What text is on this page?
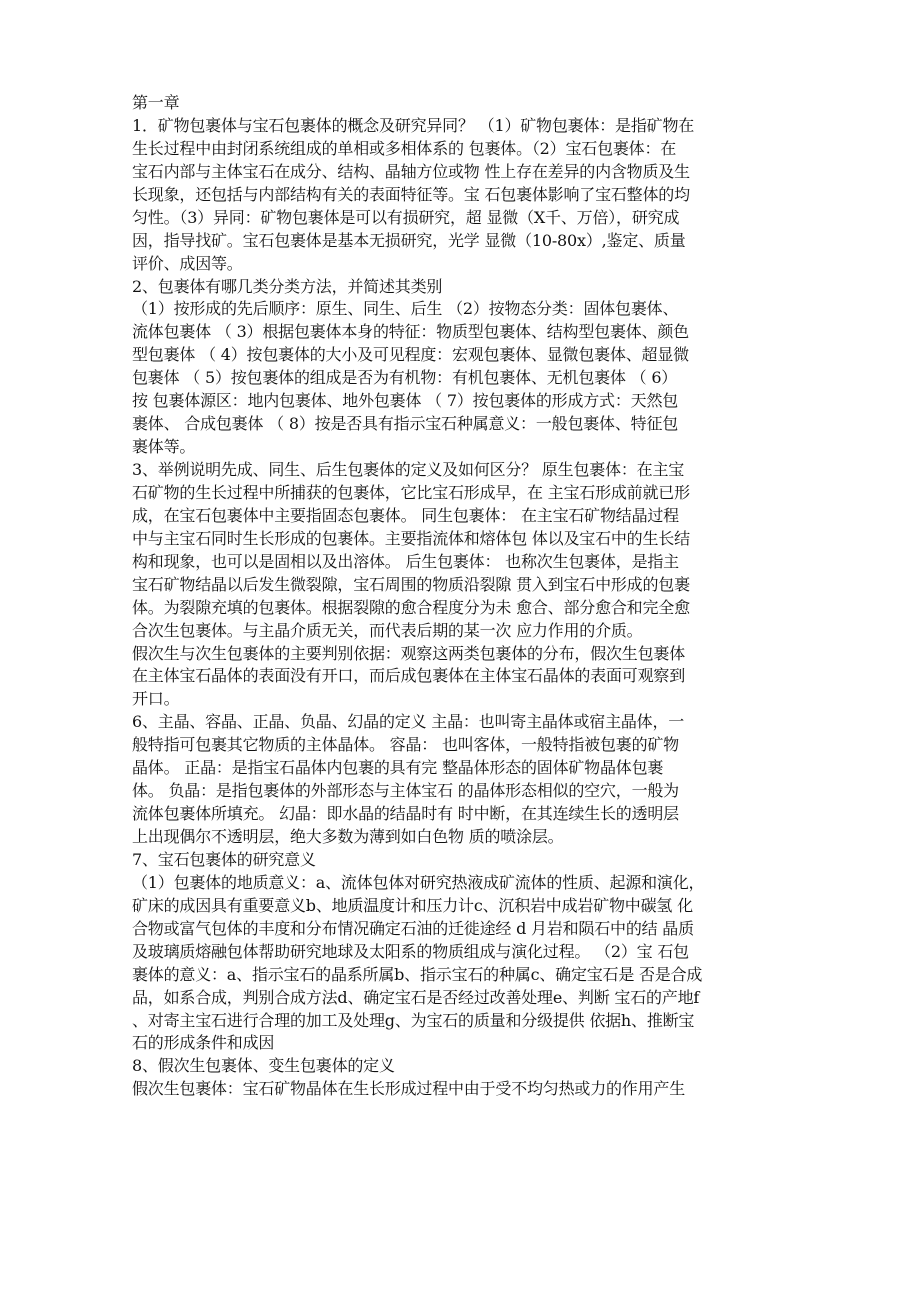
第一章
1．矿物包裹体与宝石包裹体的概念及研究异同？ （1）矿物包裹体：是指矿物在
生长过程中由封闭系统组成的单相或多相体系的 包裹体。（2）宝石包裹体：在
宝石内部与主体宝石在成分、结构、晶轴方位或物 性上存在差异的内含物质及生
长现象，还包括与内部结构有关的表面特征等。宝 石包裹体影响了宝石整体的均
匀性。（3）异同：矿物包裹体是可以有损研究，超 显微（X千、万倍），研究成
因，指导找矿。宝石包裹体是基本无损研究，光学 显微（10-80x）,鉴定、质量
评价、成因等。
2、包裹体有哪几类分类方法，并简述其类别
（1）按形成的先后顺序：原生、同生、后生 （2）按物态分类：固体包裹体、
流体包裹体 （ 3）根据包裹体本身的特征：物质型包裹体、结构型包裹体、颜色
型包裹体 （ 4）按包裹体的大小及可见程度：宏观包裹体、显微包裹体、超显微
包裹体 （ 5）按包裹体的组成是否为有机物：有机包裹体、无机包裹体 （ 6）
按 包裹体源区：地内包裹体、地外包裹体 （ 7）按包裹体的形成方式：天然包
裹体、 合成包裹体 （ 8）按是否具有指示宝石种属意义：一般包裹体、特征包
裹体等。
3、举例说明先成、同生、后生包裹体的定义及如何区分？ 原生包裹体：在主宝
石矿物的生长过程中所捕获的包裹体，它比宝石形成早，在 主宝石形成前就已形
成，在宝石包裹体中主要指固态包裹体。 同生包裹体： 在主宝石矿物结晶过程
中与主宝石同时生长形成的包裹体。主要指流体和熔体包 体以及宝石中的生长结
构和现象，也可以是固相以及出溶体。 后生包裹体： 也称次生包裹体，是指主
宝石矿物结晶以后发生微裂隙，宝石周围的物质沿裂隙 贯入到宝石中形成的包裹
体。为裂隙充填的包裹体。根据裂隙的愈合程度分为未 愈合、部分愈合和完全愈
合次生包裹体。与主晶介质无关，而代表后期的某一次 应力作用的介质。
假次生与次生包裹体的主要判别依据：观察这两类包裹体的分布，假次生包裹体
在主体宝石晶体的表面没有开口，而后成包裹体在主体宝石晶体的表面可观察到
开口。
6、主晶、容晶、正晶、负晶、幻晶的定义 主晶：也叫寄主晶体或宿主晶体，一
般特指可包裹其它物质的主体晶体。 容晶： 也叫客体，一般特指被包裹的矿物
晶体。 正晶：是指宝石晶体内包裹的具有完 整晶体形态的固体矿物晶体包裹
体。 负晶：是指包裹体的外部形态与主体宝石 的晶体形态相似的空穴，一般为
流体包裹体所填充。 幻晶：即水晶的结晶时有 时中断，在其连续生长的透明层
上出现偶尔不透明层，绝大多数为薄到如白色物 质的喷涂层。
7、宝石包裹体的研究意义
（1）包裹体的地质意义：a、流体包体对研究热液成矿流体的性质、起源和演化，
矿床的成因具有重要意义b、地质温度计和压力计c、沉积岩中成岩矿物中碳氢 化
合物或富气包体的丰度和分布情况确定石油的迁徙途经 d 月岩和陨石中的结 晶质
及玻璃质熔融包体帮助研究地球及太阳系的物质组成与演化过程。 （2）宝 石包
裹体的意义：a、指示宝石的晶系所属b、指示宝石的种属c、确定宝石是 否是合成
品，如系合成，判别合成方法d、确定宝石是否经过改善处理e、判断 宝石的产地f
、对寄主宝石进行合理的加工及处理g、为宝石的质量和分级提供 依据h、推断宝
石的形成条件和成因
8、假次生包裹体、变生包裹体的定义
假次生包裹体：宝石矿物晶体在生长形成过程中由于受不均匀热或力的作用产生
